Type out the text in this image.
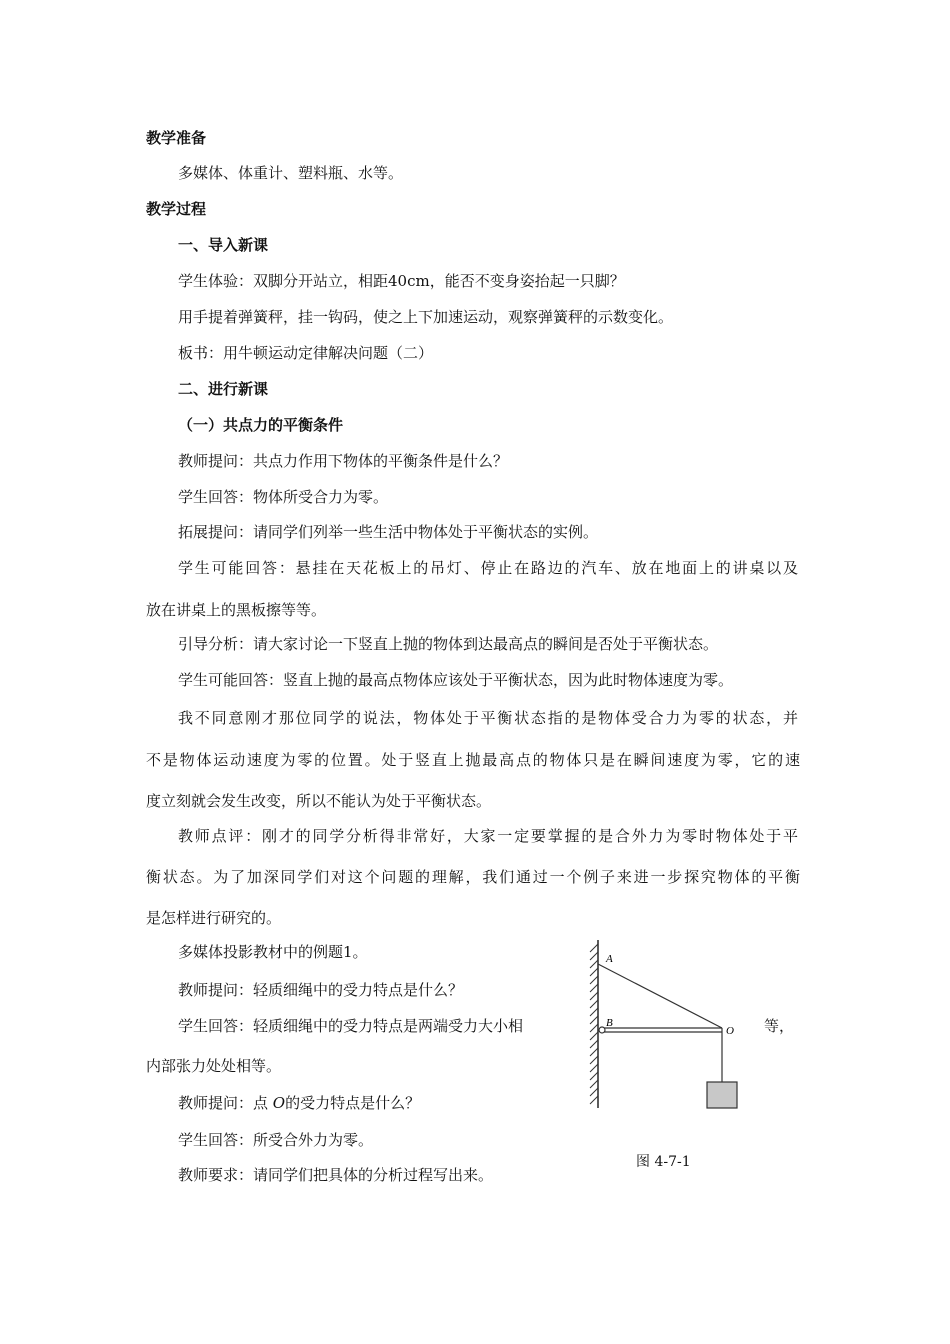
教学准备
多媒体、体重计、塑料瓶、水等。
教学过程
一、导入新课
学生体验：双脚分开站立，相距40cm，能否不变身姿抬起一只脚？
用手提着弹簧秤，挂一钩码，使之上下加速运动，观察弹簧秤的示数变化。
板书：用牛顿运动定律解决问题（二）
二、进行新课
（一）共点力的平衡条件
教师提问：共点力作用下物体的平衡条件是什么？
学生回答：物体所受合力为零。
拓展提问：请同学们列举一些生活中物体处于平衡状态的实例。
学生可能回答：悬挂在天花板上的吊灯、停止在路边的汽车、放在地面上的讲桌以及
放在讲桌上的黑板擦等等。
引导分析：请大家讨论一下竖直上抛的物体到达最高点的瞬间是否处于平衡状态。
学生可能回答：竖直上抛的最高点物体应该处于平衡状态，因为此时物体速度为零。
我不同意刚才那位同学的说法，物体处于平衡状态指的是物体受合力为零的状态，并
不是物体运动速度为零的位置。处于竖直上抛最高点的物体只是在瞬间速度为零，它的速
度立刻就会发生改变，所以不能认为处于平衡状态。
教师点评：刚才的同学分析得非常好，大家一定要掌握的是合外力为零时物体处于平
衡状态。为了加深同学们对这个问题的理解，我们通过一个例子来进一步探究物体的平衡
是怎样进行研究的。
多媒体投影教材中的例题1。
教师提问：轻质细绳中的受力特点是什么？
学生回答：轻质细绳中的受力特点是两端受力大小相	等，
内部张力处处相等。
教师提问：点 O的受力特点是什么？
学生回答：所受合外力为零。
教师要求：请同学们把具体的分析过程写出来。
A
B
O
图 4-7-1
